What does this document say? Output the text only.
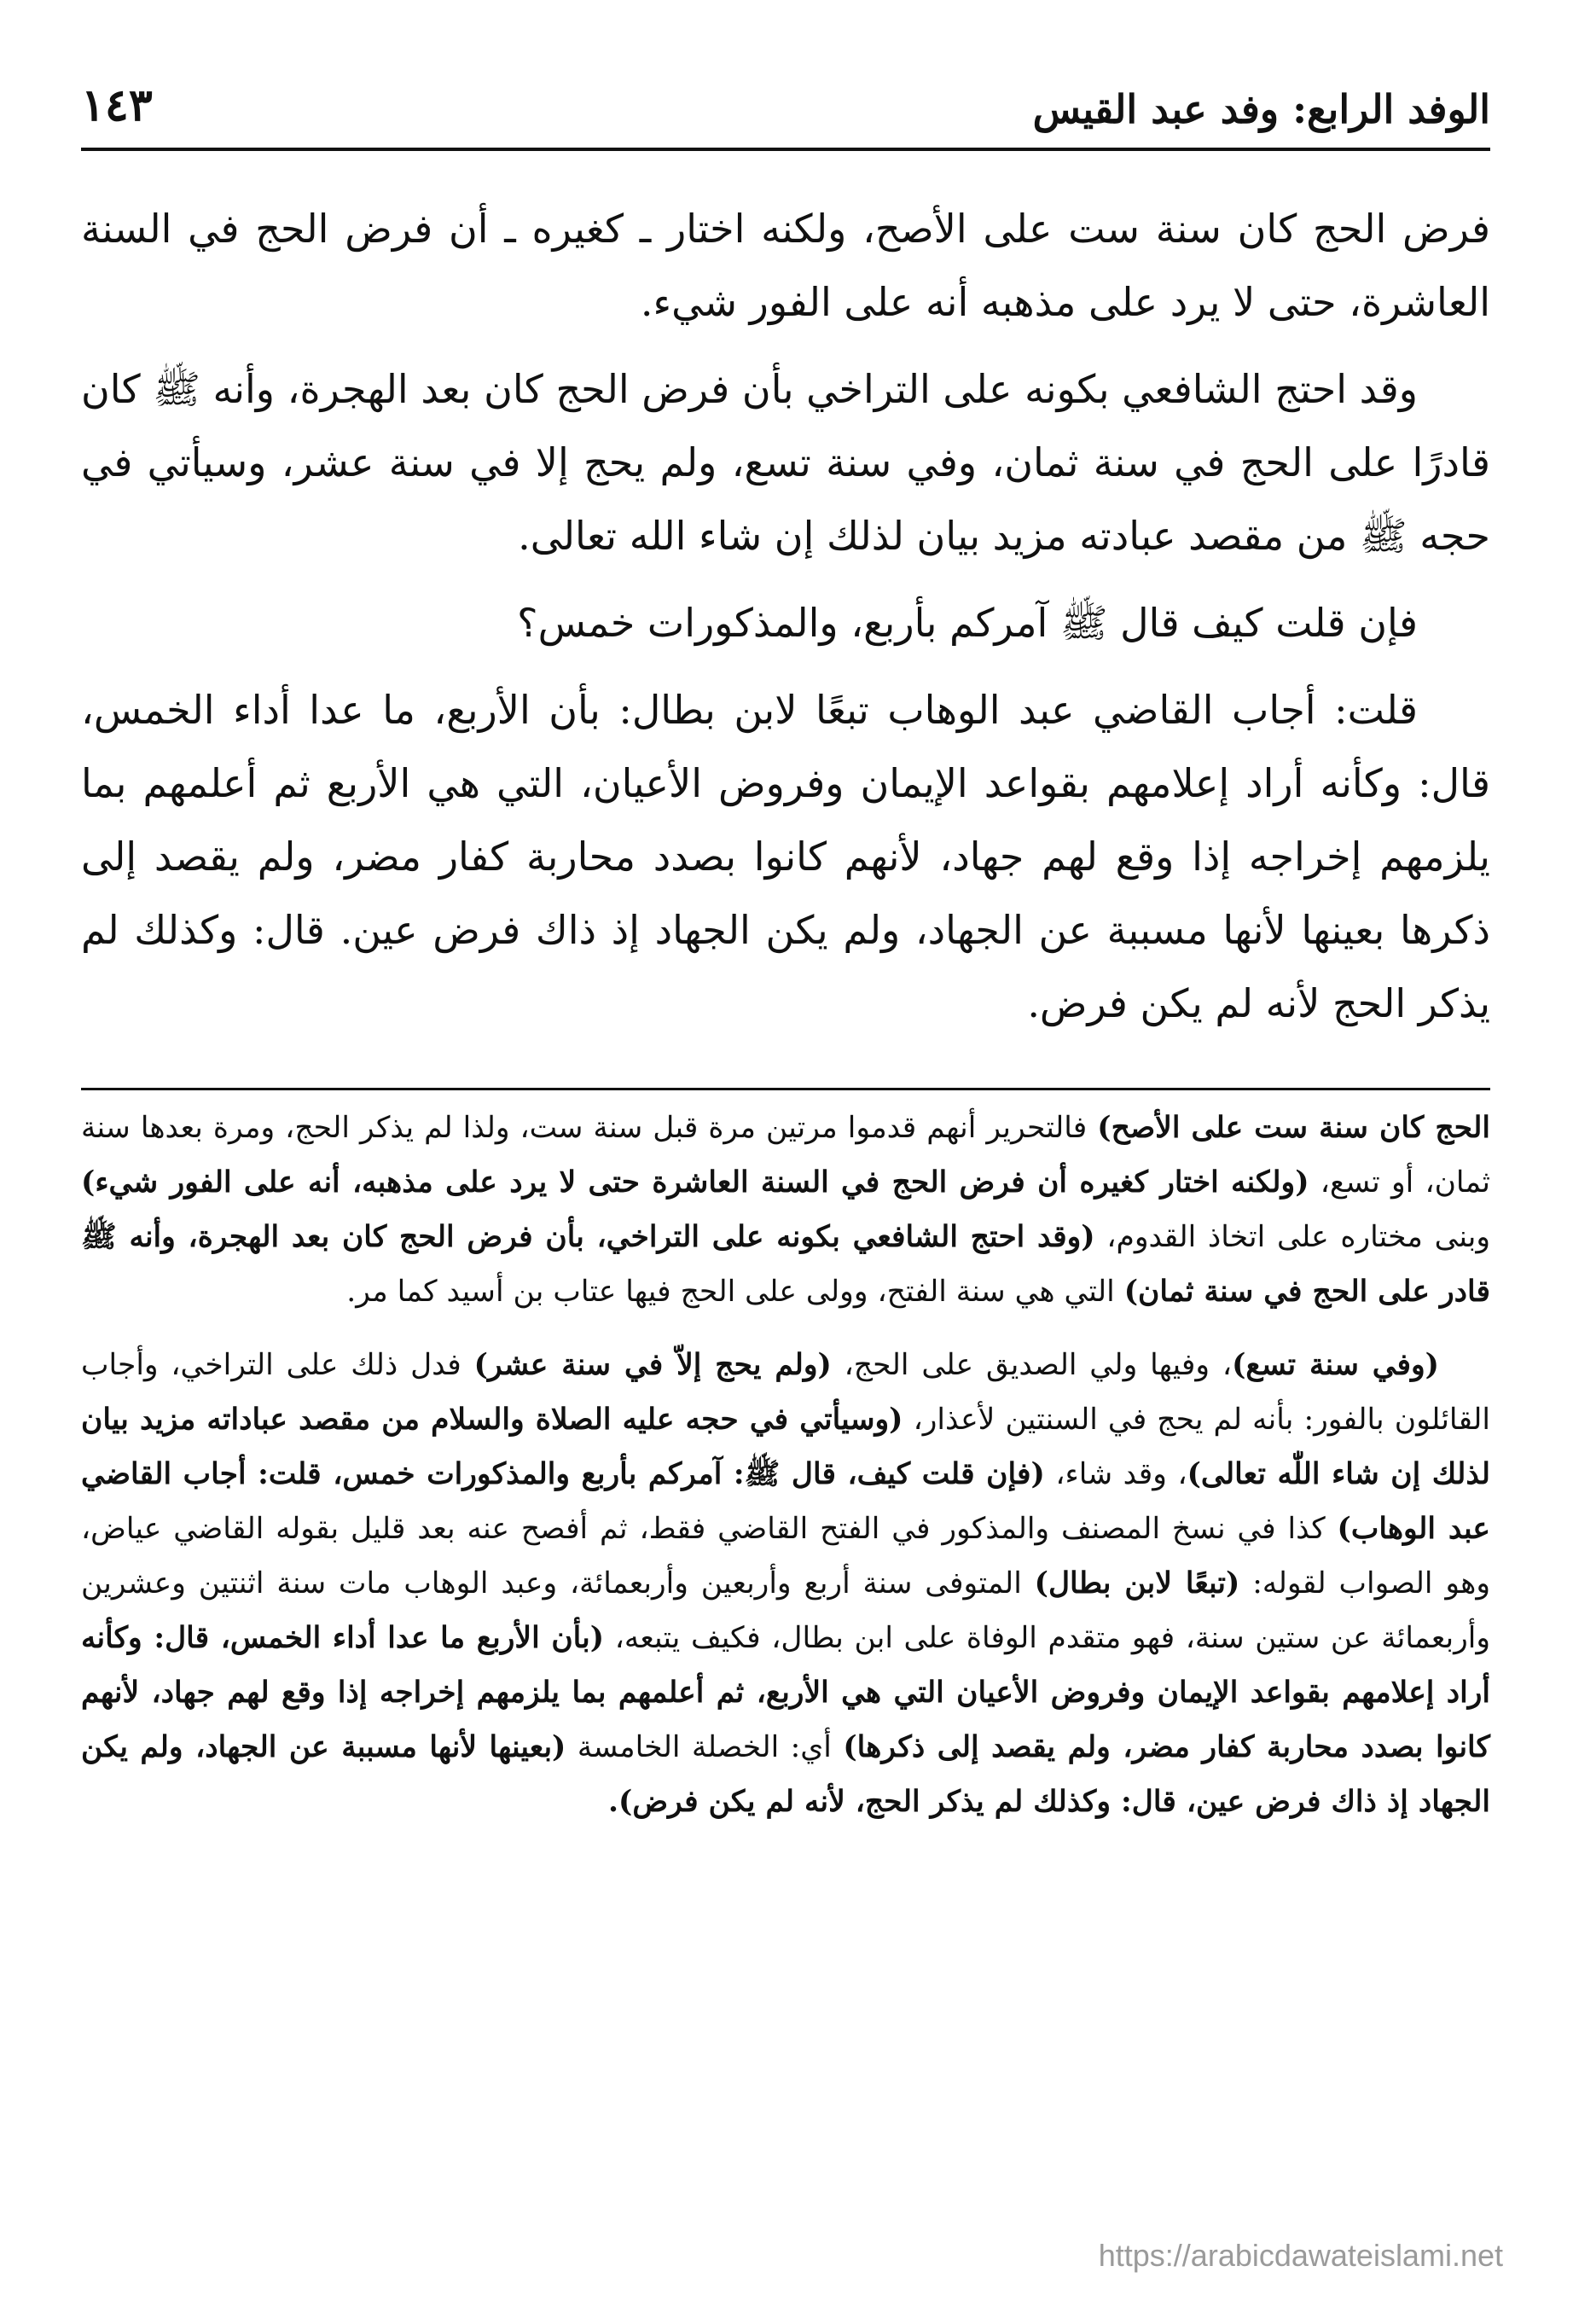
الوفد الرابع: وفد عبد القيس
١٤٣

فرض الحج كان سنة ست على الأصح، ولكنه اختار ـ كغيره ـ أن فرض الحج في السنة العاشرة، حتى لا يرد على مذهبه أنه على الفور شيء.

وقد احتج الشافعي بكونه على التراخي بأن فرض الحج كان بعد الهجرة، وأنه ﷺ كان قادرًا على الحج في سنة ثمان، وفي سنة تسع، ولم يحج إلا في سنة عشر، وسيأتي في حجه ﷺ من مقصد عبادته مزيد بيان لذلك إن شاء الله تعالى.

فإن قلت كيف قال ﷺ آمركم بأربع، والمذكورات خمس؟

قلت: أجاب القاضي عبد الوهاب تبعًا لابن بطال: بأن الأربع، ما عدا أداء الخمس، قال: وكأنه أراد إعلامهم بقواعد الإيمان وفروض الأعيان، التي هي الأربع ثم أعلمهم بما يلزمهم إخراجه إذا وقع لهم جهاد، لأنهم كانوا بصدد محاربة كفار مضر، ولم يقصد إلى ذكرها بعينها لأنها مسببة عن الجهاد، ولم يكن الجهاد إذ ذاك فرض عين. قال: وكذلك لم يذكر الحج لأنه لم يكن فرض.

الحج كان سنة ست على الأصح) فالتحرير أنهم قدموا مرتين مرة قبل سنة ست، ولذا لم يذكر الحج، ومرة بعدها سنة ثمان، أو تسع، (ولكنه اختار كغيره أن فرض الحج في السنة العاشرة حتى لا يرد على مذهبه، أنه على الفور شيء) وبنى مختاره على اتخاذ القدوم، (وقد احتج الشافعي بكونه على التراخي، بأن فرض الحج كان بعد الهجرة، وأنه ﷺ قادر على الحج في سنة ثمان) التي هي سنة الفتح، وولى على الحج فيها عتاب بن أسيد كما مر.

(وفي سنة تسع)، وفيها ولي الصديق على الحج، (ولم يحج إلاّ في سنة عشر) فدل ذلك على التراخي، وأجاب القائلون بالفور: بأنه لم يحج في السنتين لأعذار، (وسيأتي في حجه عليه الصلاة والسلام من مقصد عباداته مزيد بيان لذلك إن شاء اللّٰه تعالى)، وقد شاء، (فإن قلت كيف، قال ﷺ: آمركم بأربع والمذكورات خمس، قلت: أجاب القاضي عبد الوهاب) كذا في نسخ المصنف والمذكور في الفتح القاضي فقط، ثم أفصح عنه بعد قليل بقوله القاضي عياض، وهو الصواب لقوله: (تبعًا لابن بطال) المتوفى سنة أربع وأربعين وأربعمائة، وعبد الوهاب مات سنة اثنتين وعشرين وأربعمائة عن ستين سنة، فهو متقدم الوفاة على ابن بطال، فكيف يتبعه، (بأن الأربع ما عدا أداء الخمس، قال: وكأنه أراد إعلامهم بقواعد الإيمان وفروض الأعيان التي هي الأربع، ثم أعلمهم بما يلزمهم إخراجه إذا وقع لهم جهاد، لأنهم كانوا بصدد محاربة كفار مضر، ولم يقصد إلى ذكرها) أي: الخصلة الخامسة (بعينها لأنها مسببة عن الجهاد، ولم يكن الجهاد إذ ذاك فرض عين، قال: وكذلك لم يذكر الحج، لأنه لم يكن فرض).

https://arabicdawateislami.net
